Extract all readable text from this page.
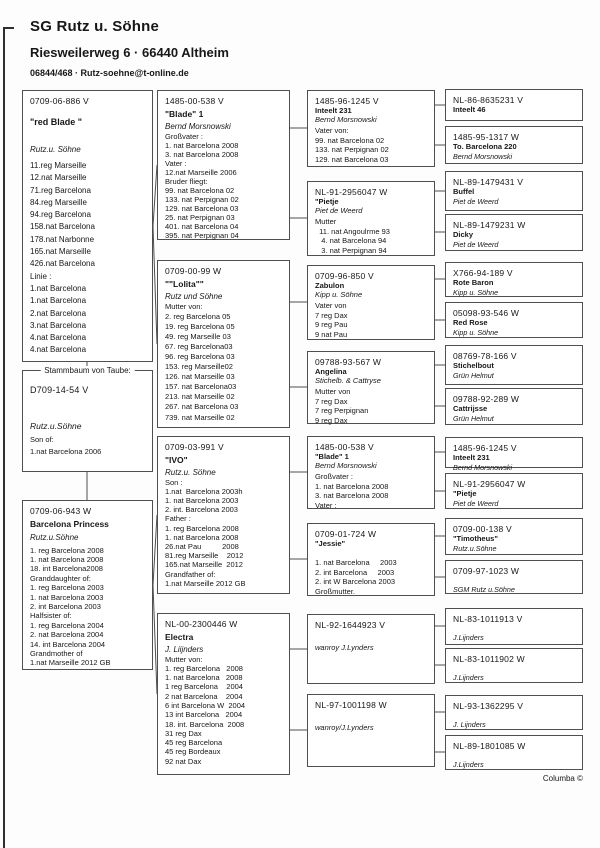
SG Rutz u. Söhne
Riesweilerweg 6 · 66440 Altheim
06844/468 · Rutz-soehne@t-online.de
0709-06-886 V
"red Blade "
Rutz.u. Söhne
11.reg Marseille
12.nat Marseille
71.reg Barcelona
84.reg Marseille
94.reg Barcelona
158.nat Barcelona
178.nat Narbonne
165.nat Marseille
426.nat Barcelona
Linie :
1.nat Barcelona
1.nat Barcelona
2.nat Barcelona
3.nat Barcelona
4.nat Barcelona
4.nat Barcelona
Stammbaum von Taube:
D709-14-54 V
Rutz.u.Söhne
Son of:
1.nat Barcelona 2006
0709-06-943 W
Barcelona Princess
Rutz.u.Söhne
1. reg Barcelona 2008
1. nat Barcelona 2008
18. int Barcelona2008
Granddaughter of:
1. reg Barcelona 2003
1. nat Barcelona 2003
2. int Barcelona 2003
Halfsister of:
1. reg Barcelona 2004
2. nat Barcelona 2004
14. int Barcelona 2004
Grandmother of
1.nat Marseille 2012 GB
1485-00-538 V
"Blade" 1
Bernd Morsnowski
Großvater :
1. nat Barcelona 2008
3. nat Barcelona 2008
Vater :
12.nat Marseille 2006
Bruder fliegt:
99. nat Barcelona 02
133. nat Perpignan 02
129. nat Barcelona 03
25. nat Perpignan 03
401. nat Barcelona 04
395. nat Perpignan 04
0709-00-99 W
""Lolita""
Rutz und Söhne
Mutter von:
2. reg Barcelona 05
19. reg Barcelona 05
49. reg Marseille 03
67. reg Barcelona03
96. reg Barcelona 03
153. reg Marseille02
126. nat Marseille 03
157. nat Barcelona03
213. nat Marseille 02
267. nat Barcelona 03
739. nat Marseille 02
0709-03-991 V
"IVO"
Rutz.u. Söhne
Son :
1.nat  Barcelona 2003h
1. nat Barcelona 2003
2. int. Barcelona 2003
Father :
1. reg Barcelona 2008
1. nat Barcelona 2008
26.nat Pau          2008
81.reg Marseille    2012
165.nat Marseille  2012
Grandfather of:
1.nat Marseille 2012 GB
NL-00-2300446 W
Electra
J. Liijnders
Mutter von:
1. reg Barcelona   2008
1. nat Barcelona   2008
1 reg Barcelona    2004
2 nat Barcelona    2004
6 int Barcelona W  2004
13 int Barcelona   2004
18. int. Barcelona  2008
31 reg Dax
45 reg Barcelona
45 reg Bordeaux
92 nat Dax
1485-96-1245 V
Inteelt 231
Bernd Morsnowski
Vater von:
99. nat Barcelona 02
133. nat Perpignan 02
129. nat Barcelona 03
NL-91-2956047 W
"Pietje
Piet de Weerd
Mutter
11. nat Angoulrme 93
4. nat Barcelona 94
3. nat Perpignan 94
0709-96-850 V
Zabulon
Kipp u. Söhne
Vater von
7 reg Dax
9 reg Pau
9 nat Pau
09788-93-567 W
Angelina
Stichelb. & Cattryse
Mutter von
7 reg Dax
7 reg Perpignan
9 reg Dax
1485-00-538 V
"Blade" 1
Bernd Morsnowski
Großvater :
1. nat Barcelona 2008
3. nat Barcelona 2008
Vater :
0709-01-724 W
"Jessie"
1. nat Barcelona     2003
2. int Barcelona     2003
2. int W Barcelona 2003
Großmutter.
NL-92-1644923 V
wanroy J.Lynders
NL-97-1001198 W
wanroy/J.Lynders
NL-86-8635231 V
Inteelt 46
1485-95-1317 W
To. Barcelona 220
Bernd Morsnowski
NL-89-1479431 V
Buffel
Piet de Weerd
NL-89-1479231 W
Dicky
Piet de Weerd
X766-94-189 V
Rote Baron
Kipp u. Söhne
05098-93-546 W
Red Rose
Kipp u. Söhne
08769-78-166 V
Stichelbout
Grün Helmut
09788-92-289 W
Cattrijsse
Grün Helmut
1485-96-1245 V
Inteelt 231
Bernd Morsnowski
NL-91-2956047 W
"Pietje
Piet de Weerd
0709-00-138 V
"Timotheus"
Rutz.u.Söhne
0709-97-1023 W
SGM Rutz u.Söhne
NL-83-1011913 V
J.Lijnders
NL-83-1011902 W
J.Lijnders
NL-93-1362295 V
J. Lijnders
NL-89-1801085 W
J.Lijnders
Columba ©
